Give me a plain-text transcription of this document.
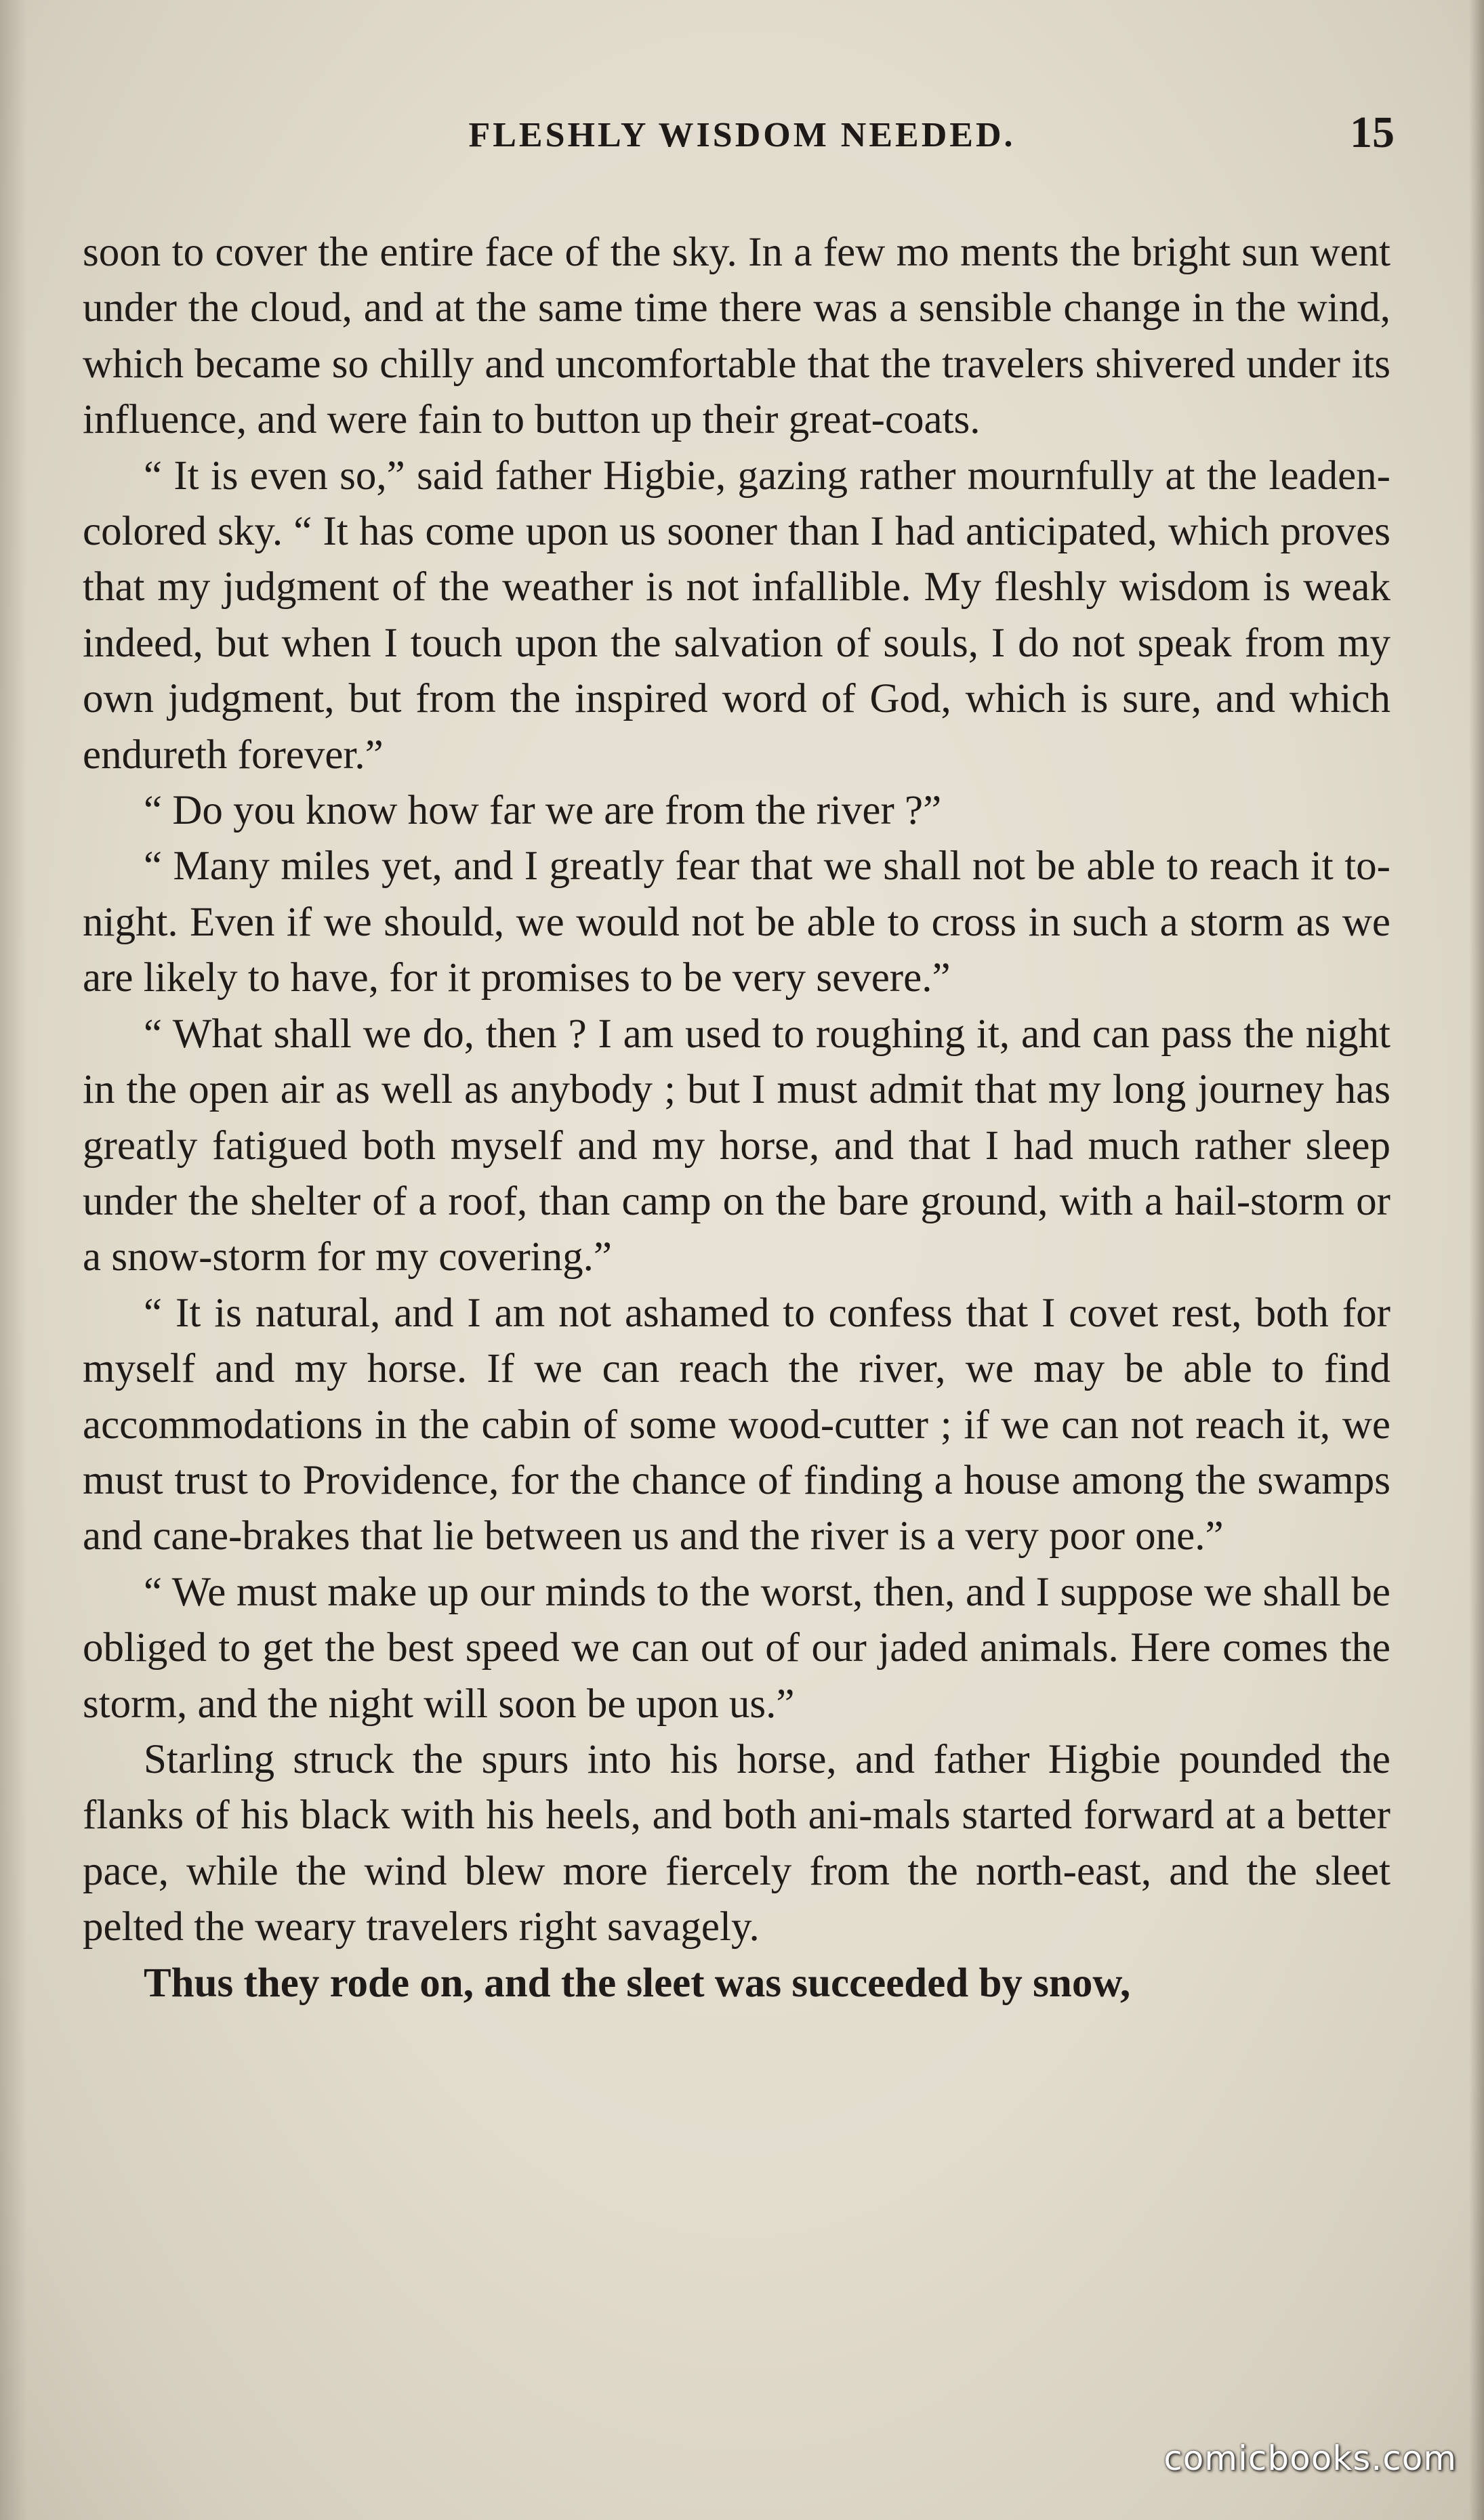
FLESHLY WISDOM NEEDED.	15

soon to cover the entire face of the sky. In a few mo ments the bright sun went under the cloud, and at the same time there was a sensible change in the wind, which became so chilly and uncomfortable that the travelers shivered under its influence, and were fain to button up their great-coats.

“ It is even so,” said father Higbie, gazing rather mournfully at the leaden-colored sky. “ It has come upon us sooner than I had anticipated, which proves that my judgment of the weather is not infallible. My fleshly wisdom is weak indeed, but when I touch upon the salvation of souls, I do not speak from my own judgment, but from the inspired word of God, which is sure, and which endureth forever.”

“ Do you know how far we are from the river ?”

“ Many miles yet, and I greatly fear that we shall not be able to reach it to-night. Even if we should, we would not be able to cross in such a storm as we are likely to have, for it promises to be very severe.”

“ What shall we do, then ? I am used to roughing it, and can pass the night in the open air as well as anybody ; but I must admit that my long journey has greatly fatigued both myself and my horse, and that I had much rather sleep under the shelter of a roof, than camp on the bare ground, with a hail-storm or a snow-storm for my covering.”

“ It is natural, and I am not ashamed to confess that I covet rest, both for myself and my horse. If we can reach the river, we may be able to find accommodations in the cabin of some wood-cutter ; if we can not reach it, we must trust to Providence, for the chance of finding a house among the swamps and cane-brakes that lie between us and the river is a very poor one.”

“ We must make up our minds to the worst, then, and I suppose we shall be obliged to get the best speed we can out of our jaded animals. Here comes the storm, and the night will soon be upon us.”

Starling struck the spurs into his horse, and father Higbie pounded the flanks of his black with his heels, and both ani-mals started forward at a better pace, while the wind blew more fiercely from the north-east, and the sleet pelted the weary travelers right savagely.

Thus they rode on, and the sleet was succeeded by snow,

comicbooks.com
